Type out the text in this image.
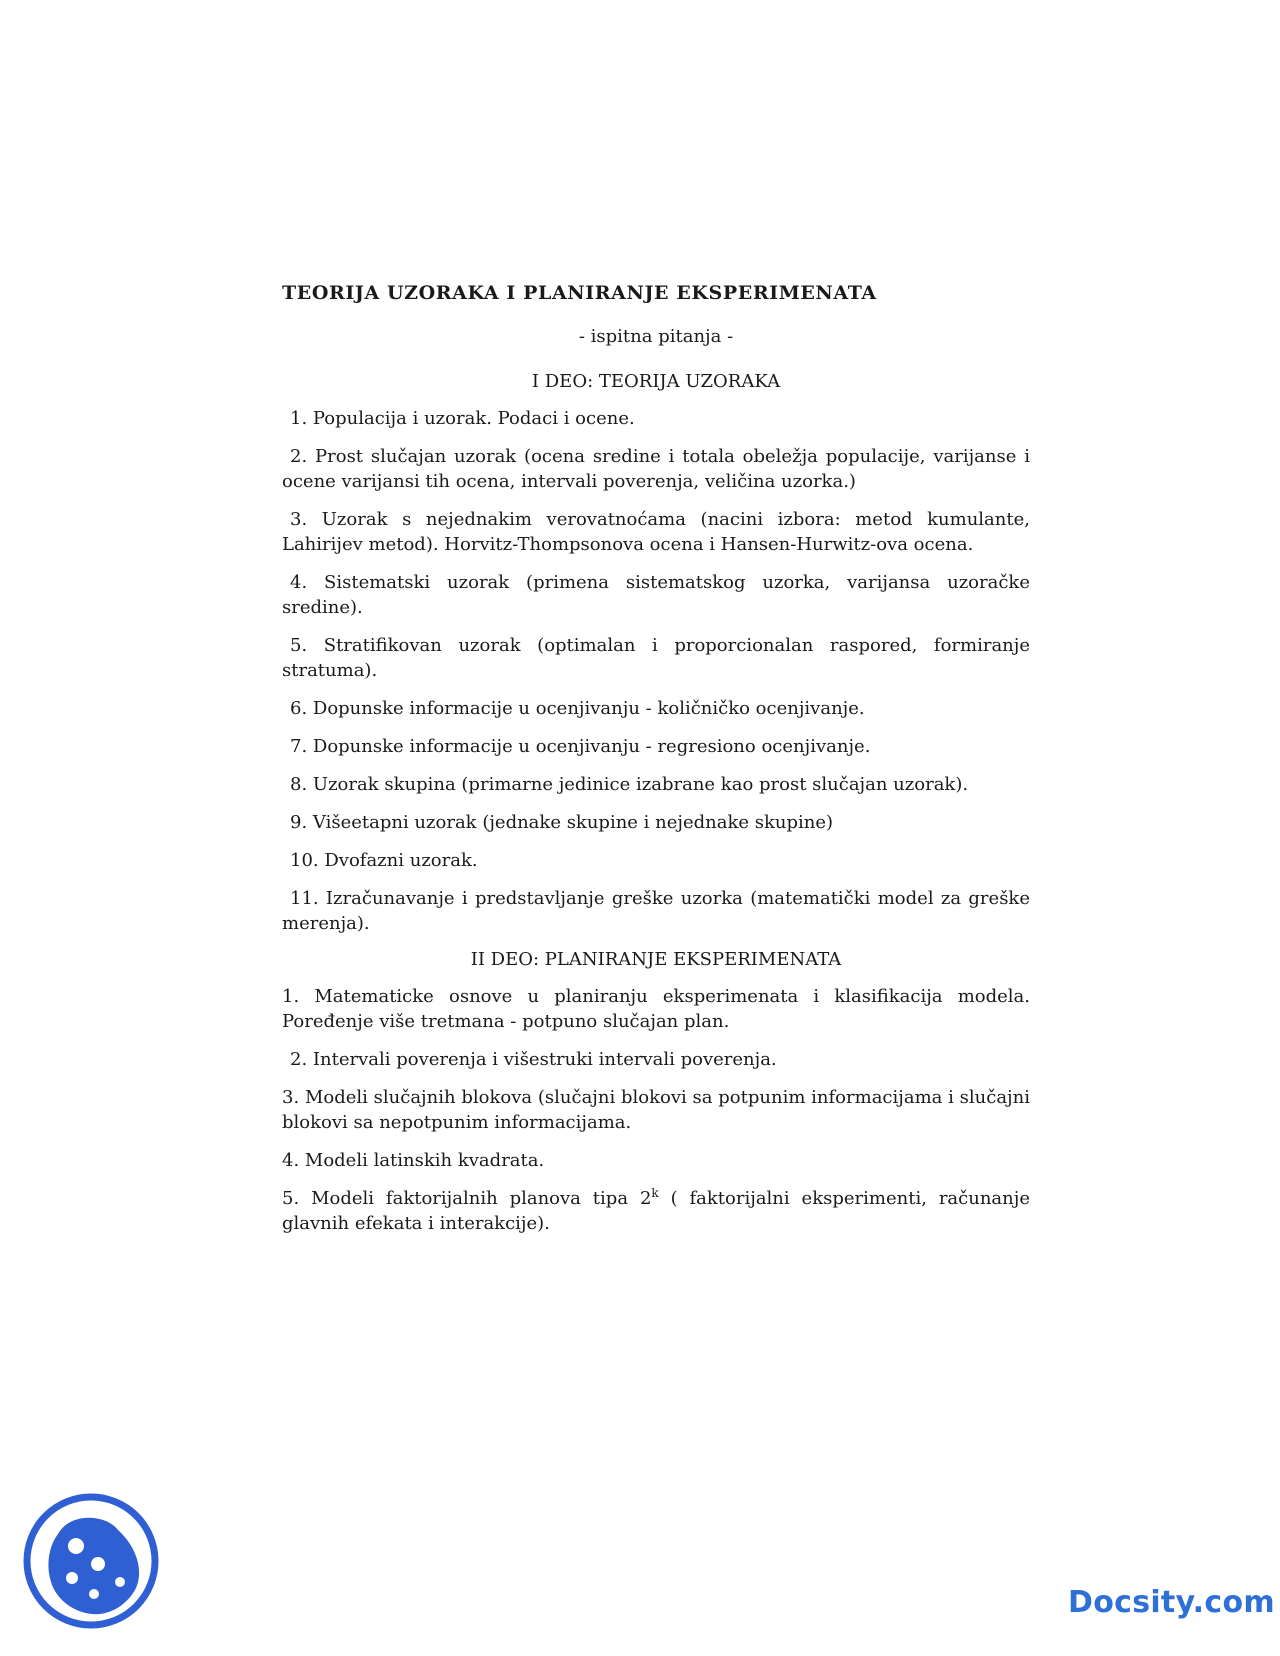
TEORIJA UZORAKA I PLANIRANJE EKSPERIMENATA
- ispitna pitanja -
I DEO: TEORIJA UZORAKA
1. Populacija i uzorak. Podaci i ocene.
2. Prost slučajan uzorak (ocena sredine i totala obeležja populacije, varijanse i ocene varijansi tih ocena, intervali poverenja, veličina uzorka.)
3. Uzorak s nejednakim verovatnoćama (nacini izbora: metod kumulante, Lahirijev metod). Horvitz-Thompsonova ocena i Hansen-Hurwitz-ova ocena.
4. Sistematski uzorak (primena sistematskog uzorka, varijansa uzoračke sredine).
5. Stratifikovan uzorak (optimalan i proporcionalan raspored, formiranje stratuma).
6. Dopunske informacije u ocenjivanju - količničko ocenjivanje.
7. Dopunske informacije u ocenjivanju - regresiono ocenjivanje.
8. Uzorak skupina (primarne jedinice izabrane kao prost slučajan uzorak).
9. Višeetapni uzorak (jednake skupine i nejednake skupine)
10. Dvofazni uzorak.
11. Izračunavanje i predstavljanje greške uzorka (matematički model za greške merenja).
II DEO: PLANIRANJE EKSPERIMENATA
1. Matematicke osnove u planiranju eksperimenata i klasifikacija modela. Poređenje više tretmana - potpuno slučajan plan.
2. Intervali poverenja i višestruki intervali poverenja.
3. Modeli slučajnih blokova (slučajni blokovi sa potpunim informacijama i slučajni blokovi sa nepotpunim informacijama.
4. Modeli latinskih kvadrata.
5. Modeli faktorijalnih planova tipa 2$^k$ ( faktorijalni eksperimenti, računanje glavnih efekata i interakcije).
Docsity.com
